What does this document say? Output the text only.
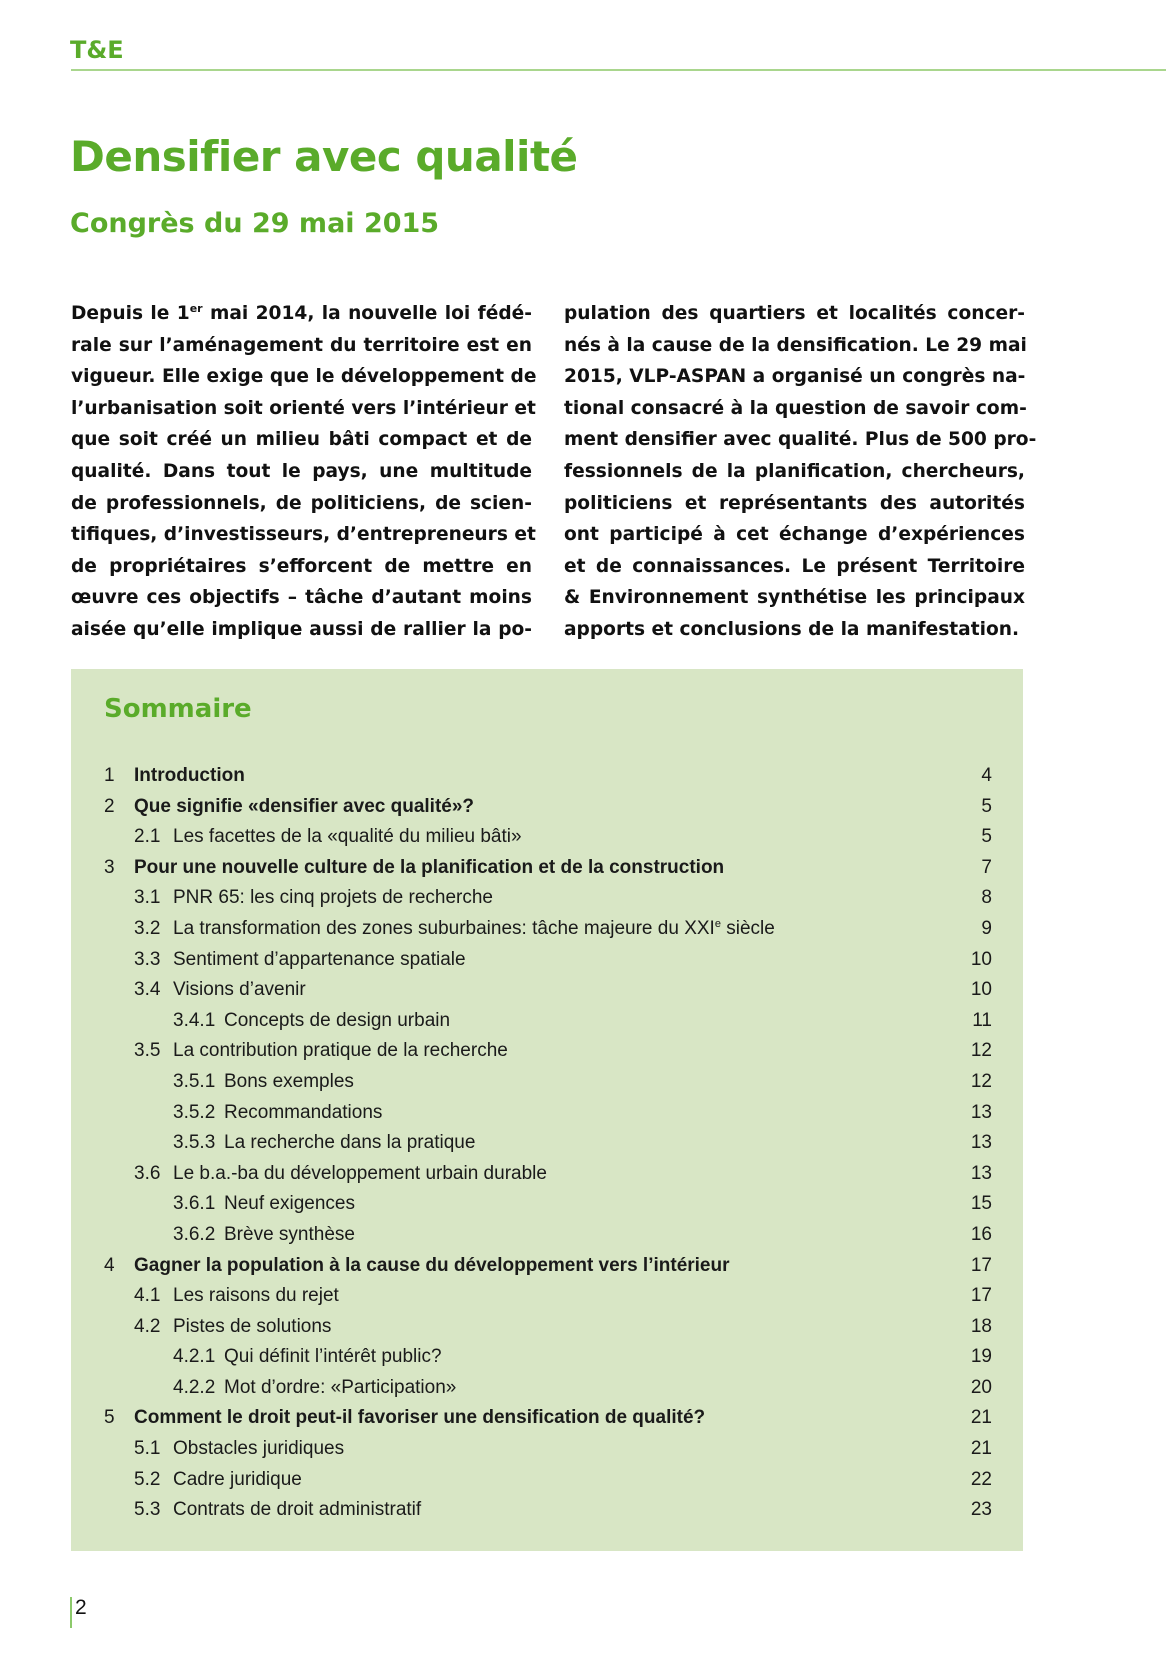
T&E
Densifier avec qualité
Congrès du 29 mai 2015
Depuis le 1er mai 2014, la nouvelle loi fédé-
rale sur l’aménagement du territoire est en
vigueur. Elle exige que le développement de
l’urbanisation soit orienté vers l’intérieur et
que soit créé un milieu bâti compact et de
qualité. Dans tout le pays, une multitude
de professionnels, de politiciens, de scien-
tifiques, d’investisseurs, d’entrepreneurs et
de propriétaires s’efforcent de mettre en
œuvre ces objectifs – tâche d’autant moins
aisée qu’elle implique aussi de rallier la po-
pulation des quartiers et localités concer-
nés à la cause de la densification. Le 29 mai
2015, VLP-ASPAN a organisé un congrès na-
tional consacré à la question de savoir com-
ment densifier avec qualité. Plus de 500 pro-
fessionnels de la planification, chercheurs,
politiciens et représentants des autorités
ont participé à cet échange d’expériences
et de connaissances. Le présent Territoire
& Environnement synthétise les principaux
apports et conclusions de la manifestation.
Sommaire
1 Introduction	4
2 Que signifie «densifier avec qualité»?	5
2.1 Les facettes de la «qualité du milieu bâti»	5
3 Pour une nouvelle culture de la planification et de la construction	7
3.1 PNR 65: les cinq projets de recherche	8
3.2 La transformation des zones suburbaines: tâche majeure du XXIe siècle	9
3.3 Sentiment d’appartenance spatiale	10
3.4 Visions d’avenir	10
3.4.1 Concepts de design urbain	11
3.5 La contribution pratique de la recherche	12
3.5.1 Bons exemples	12
3.5.2 Recommandations	13
3.5.3 La recherche dans la pratique	13
3.6 Le b.a.-ba du développement urbain durable	13
3.6.1 Neuf exigences	15
3.6.2 Brève synthèse	16
4 Gagner la population à la cause du développement vers l’intérieur	17
4.1 Les raisons du rejet	17
4.2 Pistes de solutions	18
4.2.1 Qui définit l’intérêt public?	19
4.2.2 Mot d’ordre: «Participation»	20
5 Comment le droit peut-il favoriser une densification de qualité?	21
5.1 Obstacles juridiques	21
5.2 Cadre juridique	22
5.3 Contrats de droit administratif	23
2
